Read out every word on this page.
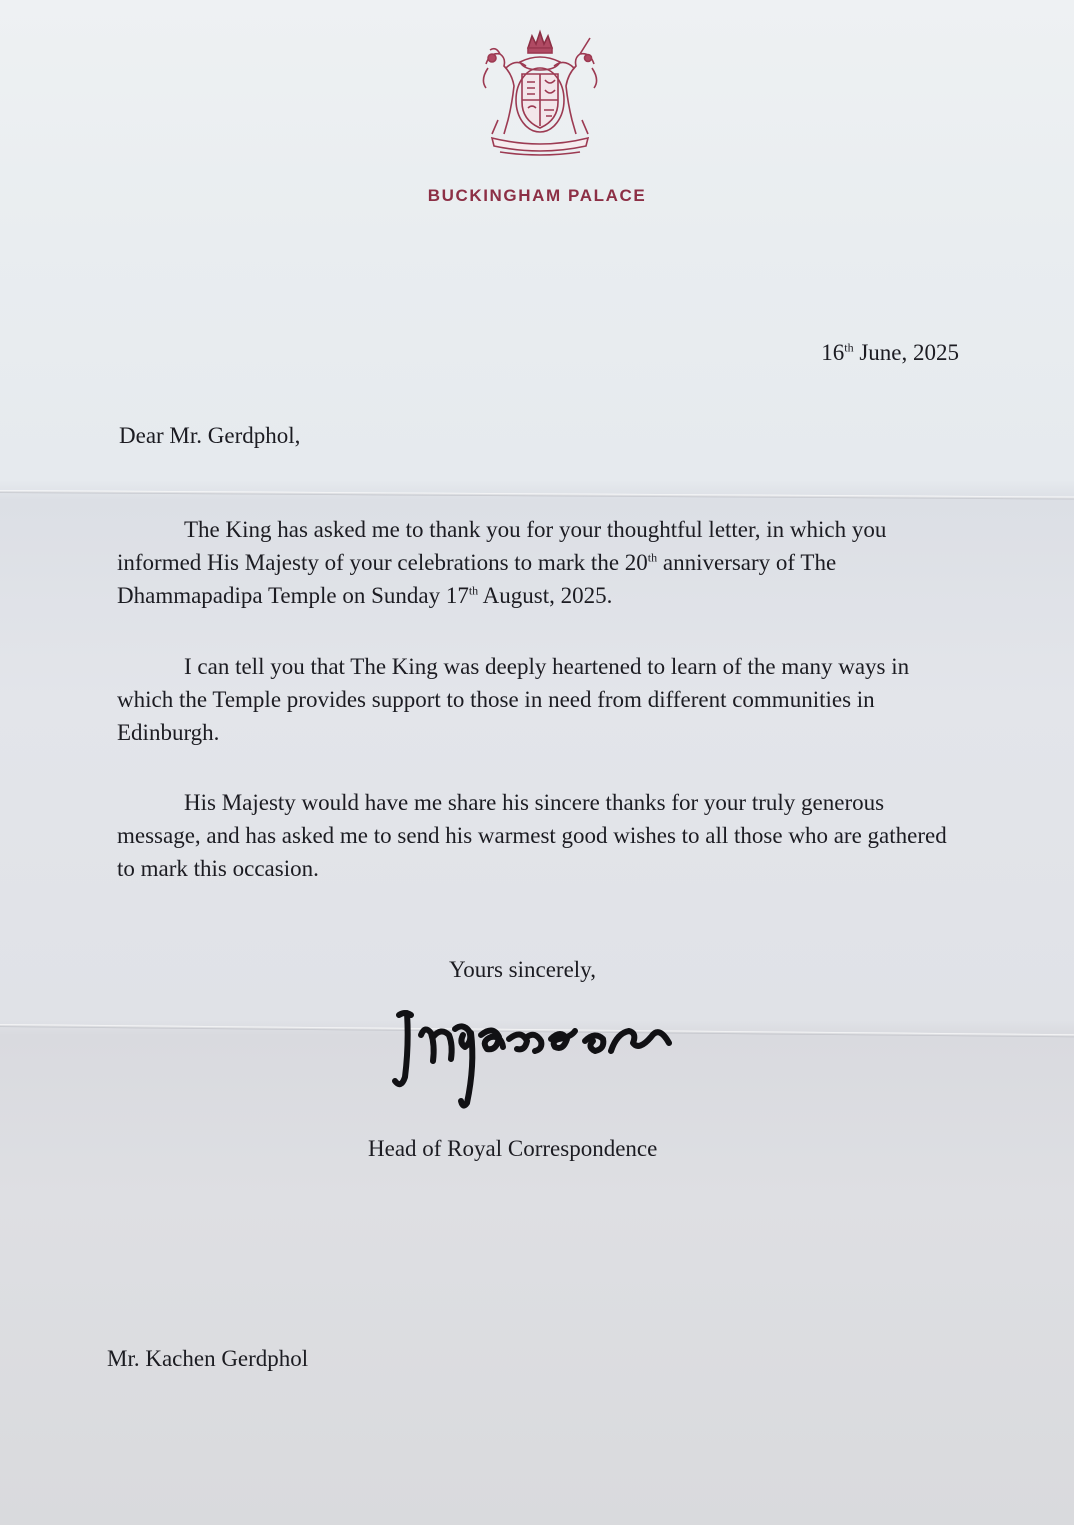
BUCKINGHAM PALACE
16th June, 2025
Dear Mr. Gerdphol,

The King has asked me to thank you for your thoughtful letter, in which you informed His Majesty of your celebrations to mark the 20th anniversary of The Dhammapadipa Temple on Sunday 17th August, 2025.

I can tell you that The King was deeply heartened to learn of the many ways in which the Temple provides support to those in need from different communities in Edinburgh.

His Majesty would have me share his sincere thanks for your truly generous message, and has asked me to send his warmest good wishes to all those who are gathered to mark this occasion.

Yours sincerely,
Head of Royal Correspondence
Mr. Kachen Gerdphol
